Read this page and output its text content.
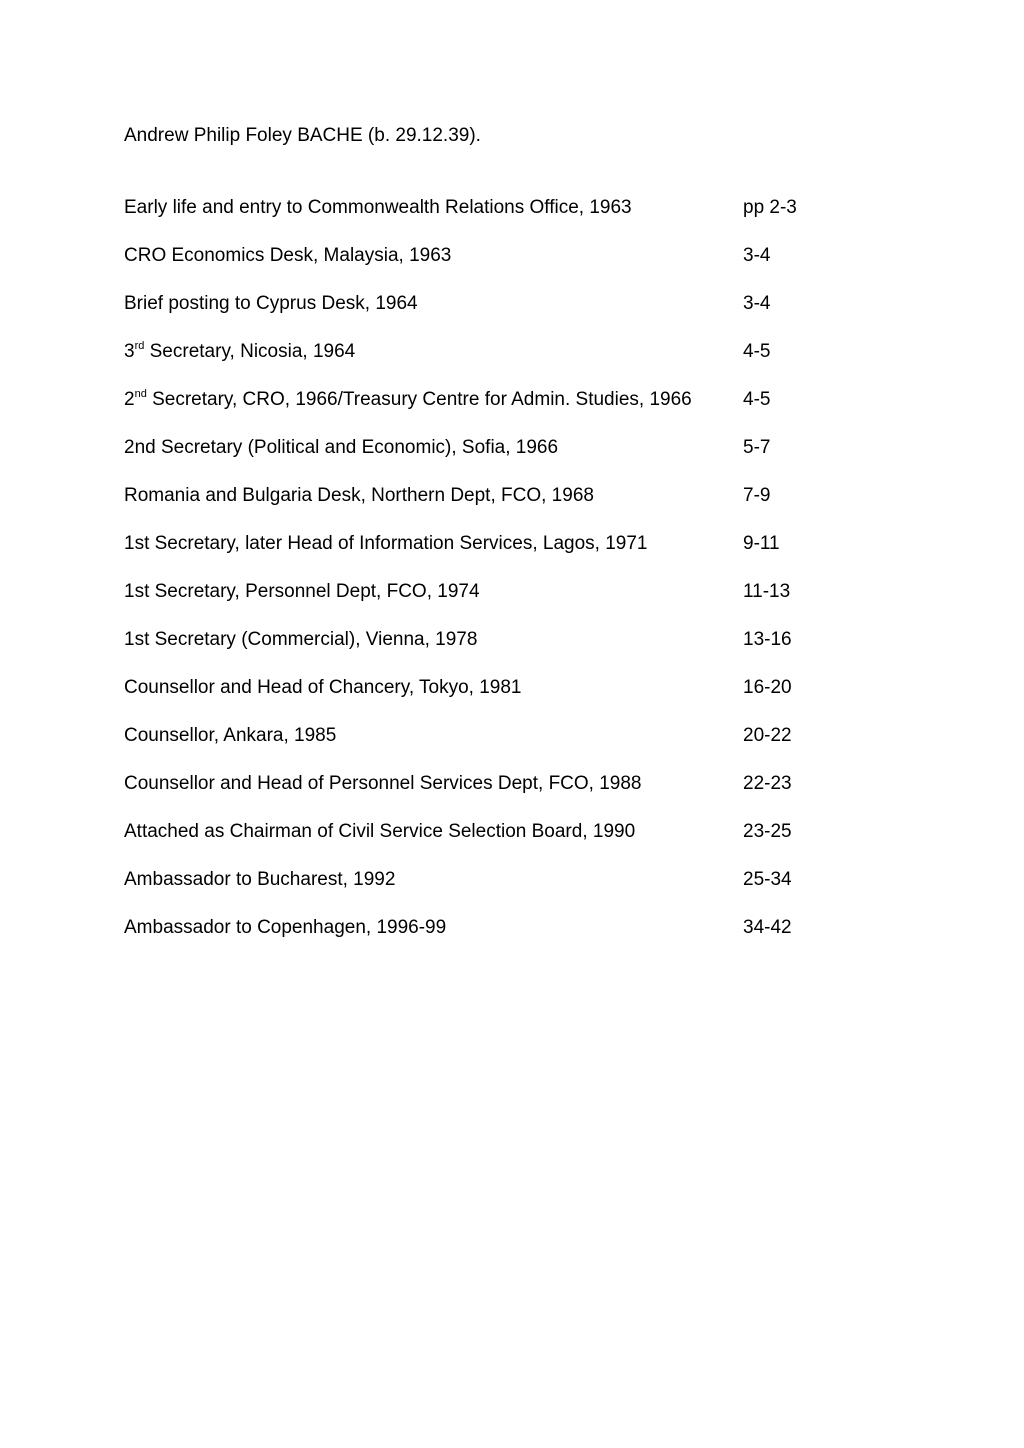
Andrew Philip Foley BACHE (b. 29.12.39).
Early life and entry to Commonwealth Relations Office, 1963	pp 2-3
CRO Economics Desk, Malaysia, 1963	3-4
Brief posting to Cyprus Desk, 1964	3-4
3rd Secretary, Nicosia, 1964	4-5
2nd Secretary, CRO, 1966/Treasury Centre for Admin. Studies, 1966	4-5
2nd Secretary (Political and Economic), Sofia, 1966	5-7
Romania and Bulgaria Desk, Northern Dept, FCO, 1968	7-9
1st Secretary, later Head of Information Services, Lagos, 1971	9-11
1st Secretary, Personnel Dept, FCO, 1974	11-13
1st Secretary (Commercial), Vienna, 1978	13-16
Counsellor and Head of Chancery, Tokyo, 1981	16-20
Counsellor, Ankara, 1985	20-22
Counsellor and Head of Personnel Services Dept, FCO, 1988	22-23
Attached as Chairman of Civil Service Selection Board, 1990	23-25
Ambassador to Bucharest, 1992	25-34
Ambassador to Copenhagen, 1996-99	34-42
